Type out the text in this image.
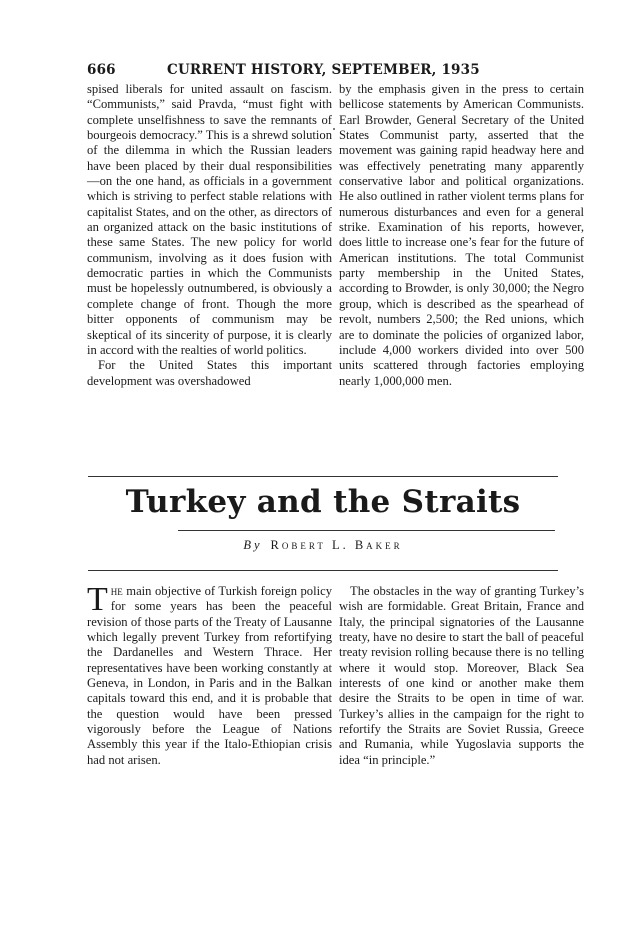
666	CURRENT HISTORY, SEPTEMBER, 1935

spised liberals for united assault on fascism. “Communists,” said Pravda, “must fight with complete unselfishness to save the remnants of bourgeois democracy.” This is a shrewd solution of the dilemma in which the Russian leaders have been placed by their dual responsibilities—on the one hand, as officials in a government which is striving to perfect stable relations with capitalist States, and on the other, as directors of an organized attack on the basic institutions of these same States. The new policy for world communism, involving as it does fusion with democratic parties in which the Communists must be hopelessly outnumbered, is obviously a complete change of front. Though the more bitter opponents of communism may be skeptical of its sincerity of purpose, it is clearly in accord with the realties of world politics.

For the United States this important development was overshadowed

by the emphasis given in the press to certain bellicose statements by American Communists. Earl Browder, General Secretary of the United States Communist party, asserted that the movement was gaining rapid headway here and was effectively penetrating many apparently conservative labor and political organizations. He also outlined in rather violent terms plans for numerous disturbances and even for a general strike. Examination of his reports, however, does little to increase one’s fear for the future of American institutions. The total Communist party membership in the United States, according to Browder, is only 30,000; the Negro group, which is described as the spearhead of revolt, numbers 2,500; the Red unions, which are to dominate the policies of organized labor, include 4,000 workers divided into over 500 units scattered through factories employing nearly 1,000,000 men.

Turkey and the Straits
By Robert L. Baker

The main objective of Turkish foreign policy for some years has been the peaceful revision of those parts of the Treaty of Lausanne which legally prevent Turkey from refortifying the Dardanelles and Western Thrace. Her representatives have been working constantly at Geneva, in London, in Paris and in the Balkan capitals toward this end, and it is probable that the question would have been pressed vigorously before the League of Nations Assembly this year if the Italo-Ethiopian crisis had not arisen.

The obstacles in the way of granting Turkey’s wish are formidable. Great Britain, France and Italy, the principal signatories of the Lausanne treaty, have no desire to start the ball of peaceful treaty revision rolling because there is no telling where it would stop. Moreover, Black Sea interests of one kind or another make them desire the Straits to be open in time of war. Turkey’s allies in the campaign for the right to refortify the Straits are Soviet Russia, Greece and Rumania, while Yugoslavia supports the idea “in principle.”
